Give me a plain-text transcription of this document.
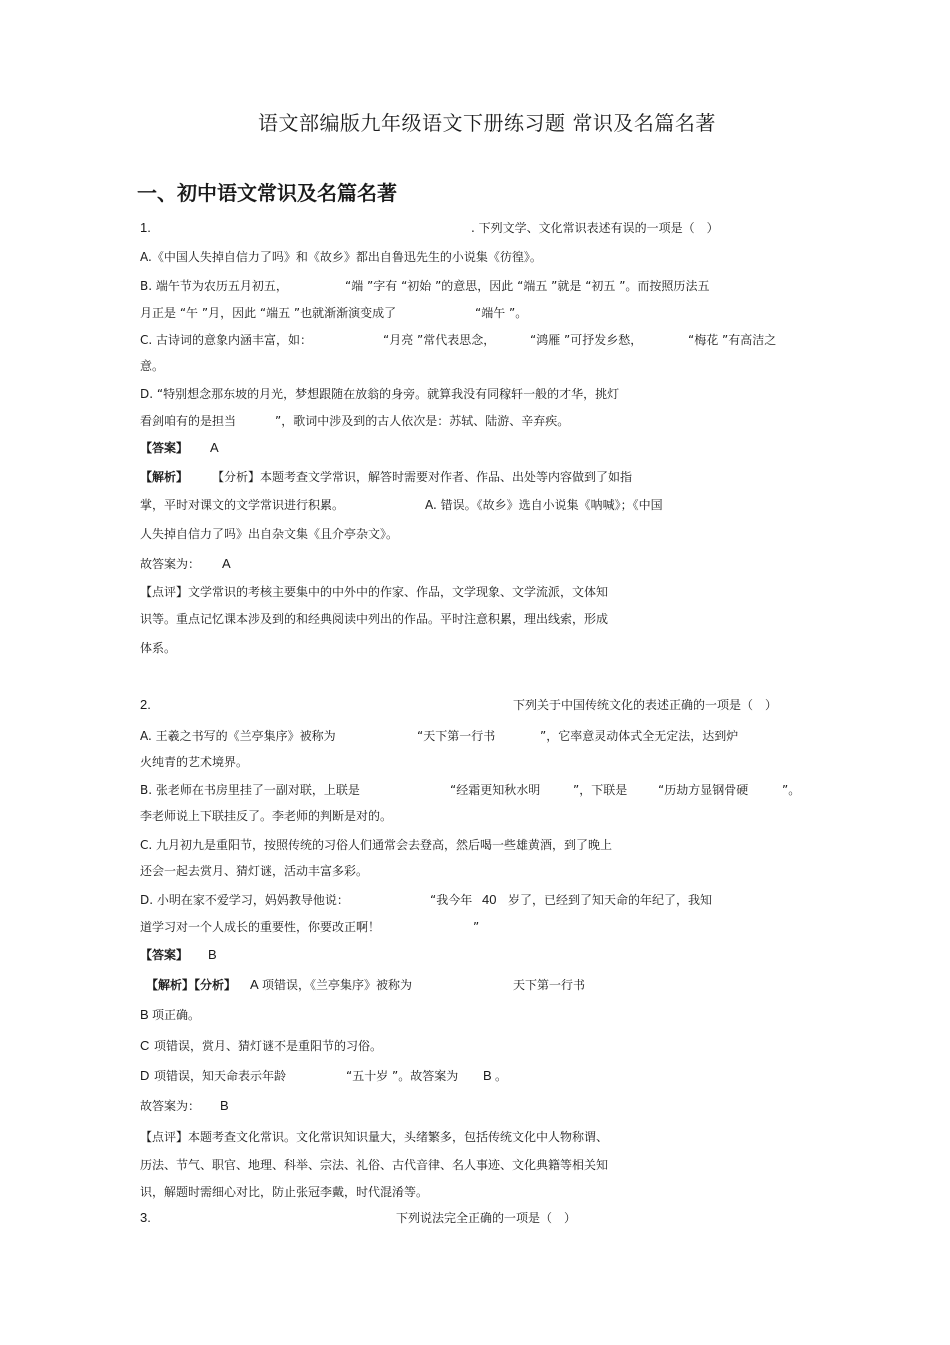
语文部编版九年级语文下册练习题 常识及名篇名著
一、初中语文常识及名篇名著
1.	. 下列文学、文化常识表述有误的一项是（　）
A.《中国人失掉自信力了吗》和《故乡》都出自鲁迅先生的小说集《彷徨》。
B. 端午节为农历五月初五，	“端 ”字有 “初始 ”的意思，因此 “端五 ”就是 “初五 ”。而按照历法五
月正是 “午 ”月，因此 “端五 ”也就渐渐演变成了	“端午 ”。
C. 古诗词的意象内涵丰富，如：	“月亮 ”常代表思念，	“鸿雁 ”可抒发乡愁，	“梅花 ”有高洁之
意。
D. “特别想念那东坡的月光，梦想跟随在放翁的身旁。就算我没有同稼轩一般的才华，挑灯
看剑咱有的是担当	”，歌词中涉及到的古人依次是：苏轼、陆游、辛弃疾。
【答案】 A
【解析】 【分析】本题考查文学常识，解答时需要对作者、作品、出处等内容做到了如指
掌，平时对课文的文学常识进行积累。	A. 错误。《故乡》选自小说集《呐喊》；《中国
人失掉自信力了吗》出自杂文集《且介亭杂文》。
故答案为： A
【点评】文学常识的考核主要集中的中外中的作家、作品，文学现象、文学流派，文体知
识等。重点记忆课本涉及到的和经典阅读中列出的作品。平时注意积累，理出线索，形成
体系。
2.	下列关于中国传统文化的表述正确的一项是（　）
A. 王羲之书写的《兰亭集序》被称为	“天下第一行书	”，它率意灵动体式全无定法，达到炉
火纯青的艺术境界。
B. 张老师在书房里挂了一副对联，上联是	“经霜更知秋水明	”，下联是	“历劫方显钢骨硬	”。
李老师说上下联挂反了。李老师的判断是对的。
C. 九月初九是重阳节，按照传统的习俗人们通常会去登高，然后喝一些雄黄酒，到了晚上
还会一起去赏月、猜灯谜，活动丰富多彩。
D. 小明在家不爱学习，妈妈教导他说：	“我今年 40 岁了，已经到了知天命的年纪了，我知
道学习对一个人成长的重要性，你要改正啊！	”
【答案】 B
【解析】【分析】 A 项错误，《兰亭集序》被称为	天下第一行书
B 项正确。
C 项错误，赏月、猜灯谜不是重阳节的习俗。
D 项错误，知天命表示年龄	“五十岁 ”。故答案为 B 。
故答案为： B
【点评】本题考查文化常识。文化常识知识量大，头绪繁多，包括传统文化中人物称谓、
历法、节气、职官、地理、科举、宗法、礼俗、古代音律、名人事迹、文化典籍等相关知
识，解题时需细心对比，防止张冠李戴，时代混淆等。
3.	下列说法完全正确的一项是（　）
